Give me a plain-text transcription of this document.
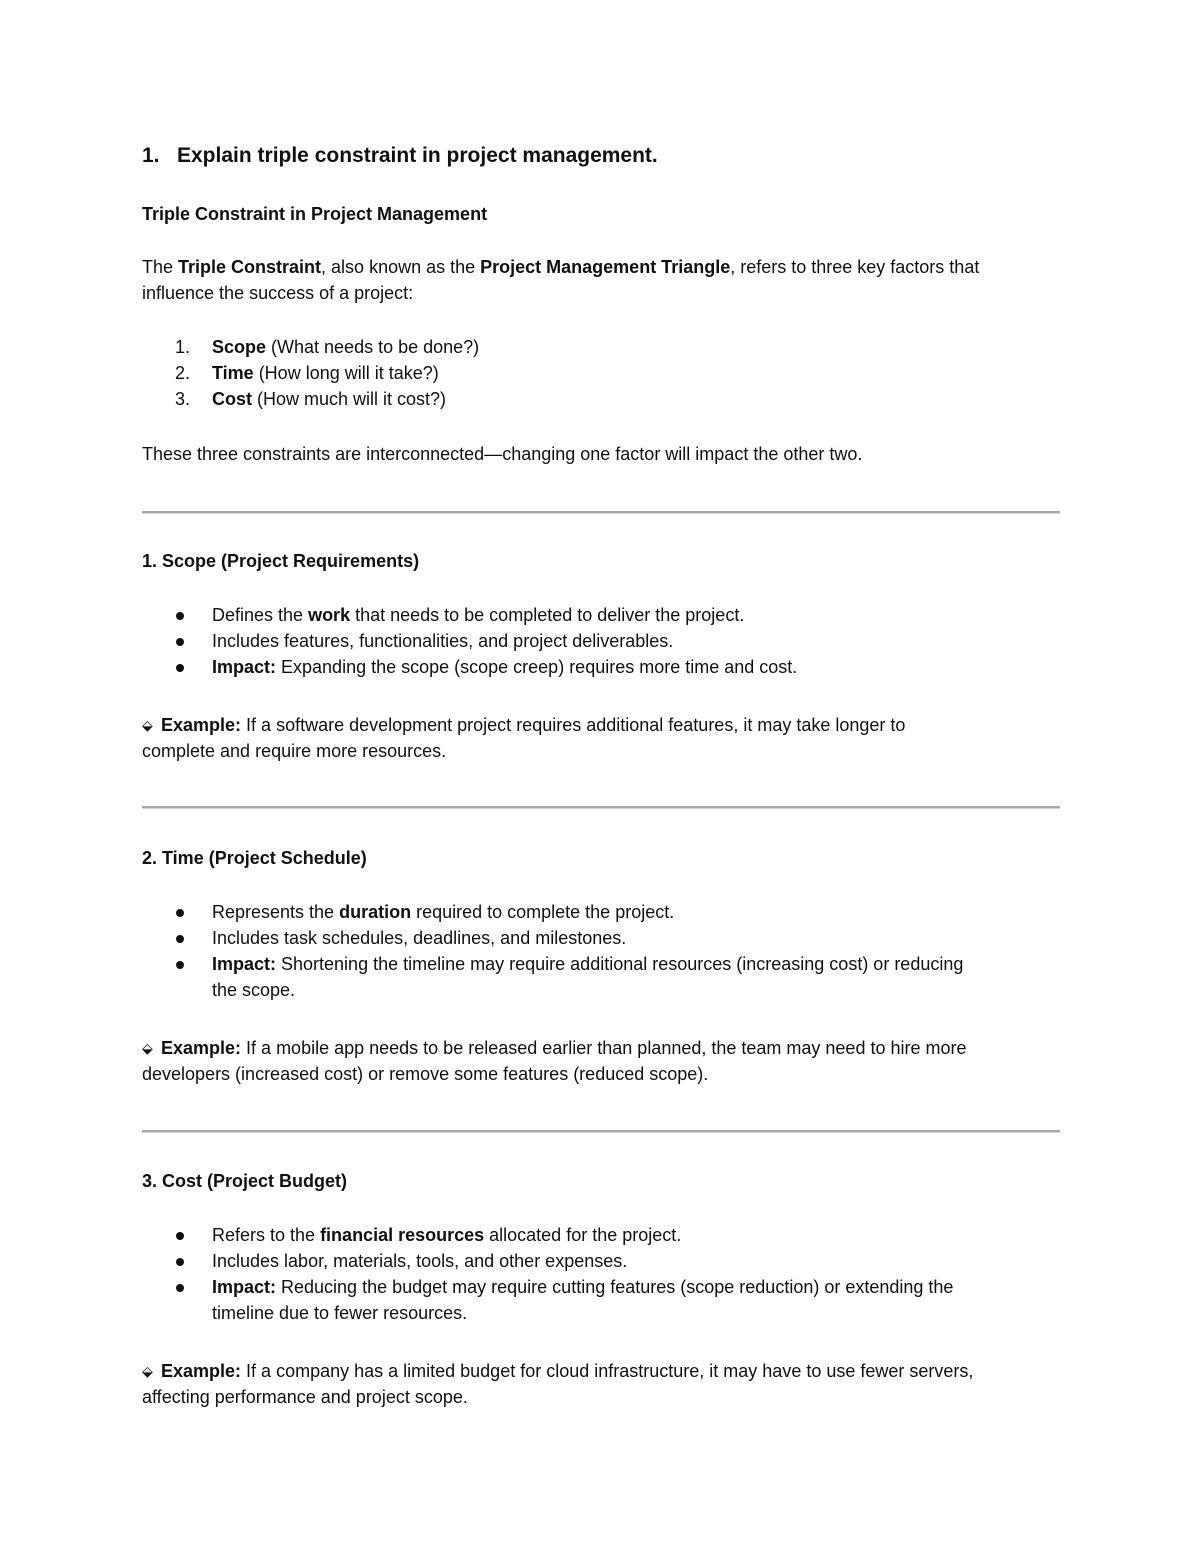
1. Explain triple constraint in project management.
Triple Constraint in Project Management
The Triple Constraint, also known as the Project Management Triangle, refers to three key factors that
influence the success of a project:
1. Scope (What needs to be done?)
2. Time (How long will it take?)
3. Cost (How much will it cost?)
These three constraints are interconnected—changing one factor will impact the other two.
1. Scope (Project Requirements)
Defines the work that needs to be completed to deliver the project.
Includes features, functionalities, and project deliverables.
Impact: Expanding the scope (scope creep) requires more time and cost.
⬙ Example: If a software development project requires additional features, it may take longer to
complete and require more resources.
2. Time (Project Schedule)
Represents the duration required to complete the project.
Includes task schedules, deadlines, and milestones.
Impact: Shortening the timeline may require additional resources (increasing cost) or reducing
the scope.
⬙ Example: If a mobile app needs to be released earlier than planned, the team may need to hire more
developers (increased cost) or remove some features (reduced scope).
3. Cost (Project Budget)
Refers to the financial resources allocated for the project.
Includes labor, materials, tools, and other expenses.
Impact: Reducing the budget may require cutting features (scope reduction) or extending the
timeline due to fewer resources.
⬙ Example: If a company has a limited budget for cloud infrastructure, it may have to use fewer servers,
affecting performance and project scope.
